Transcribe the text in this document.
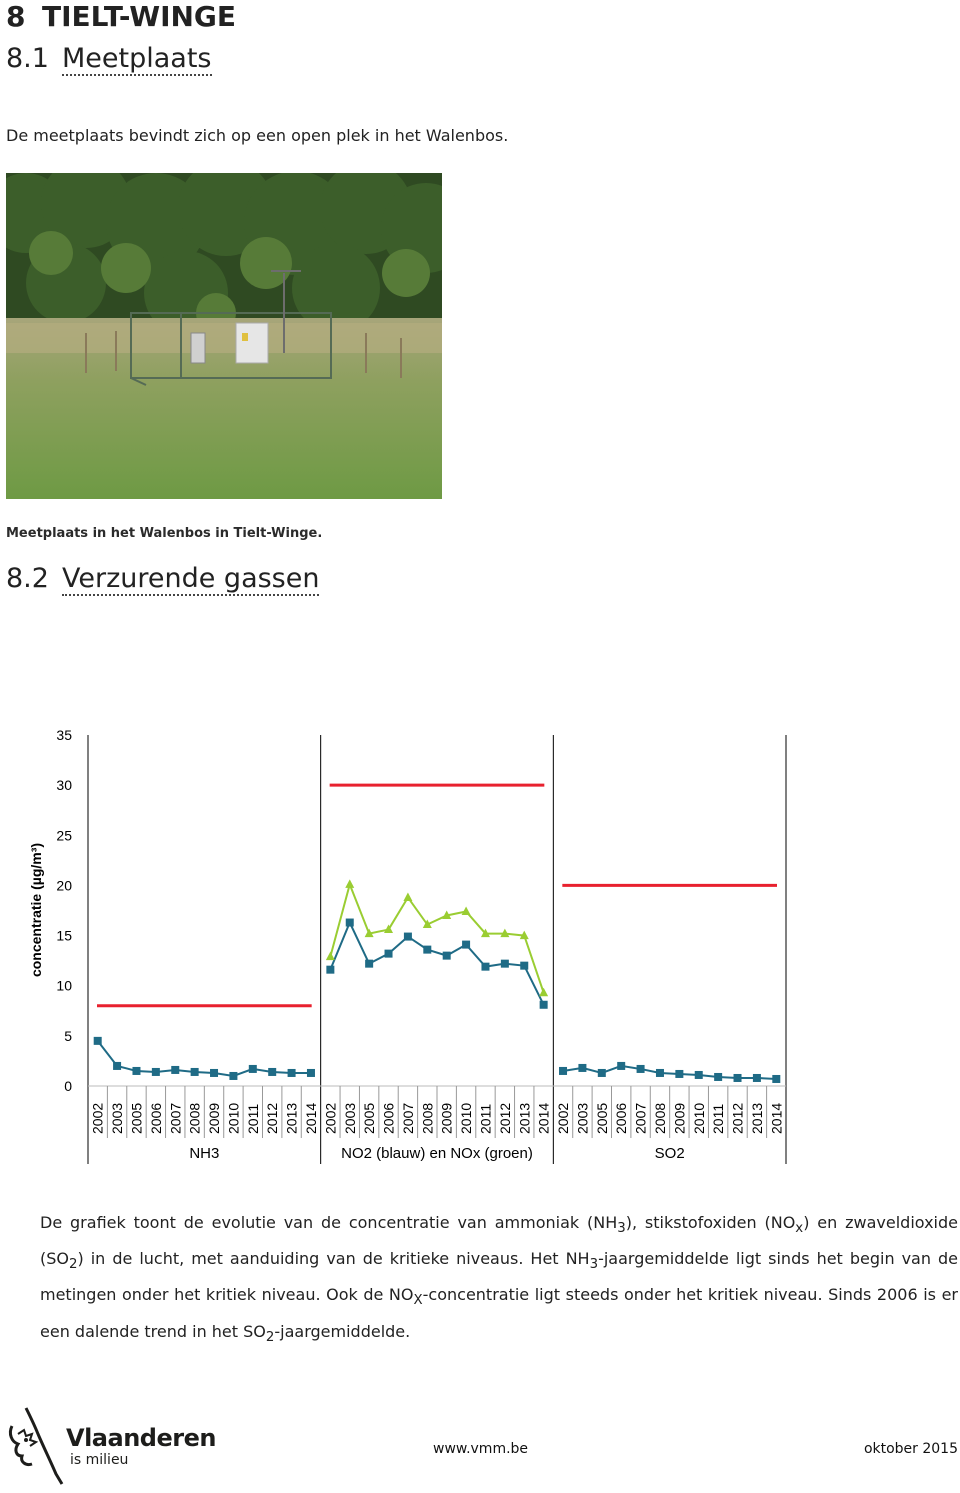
8 TIELT-WINGE
8.1 Meetplaats
De meetplaats bevindt zich op een open plek in het Walenbos.
Meetplaats in het Walenbos in Tielt-Winge.
8.2 Verzurende gassen
0
5
10
15
20
25
30
35
2002 2003 2005 2006 2007 2008 2009 2010 2011 2012 2013 2014 2002 2003 2005 2006 2007 2008 2009 2010 2011 2012 2013 2014 2002 2003 2005 2006 2007 2008 2009 2010 2011 2012 2013 2014
NH3	NO2 (blauw) en NOx (groen)	SO2
concentratie (µg/m³)

De grafiek toont de evolutie van de concentratie van ammoniak $(NH_3)$, stikstofoxiden $(NO_x)$ en zwaveldioxide $(SO_2)$ in de lucht, met aanduiding van de kritieke niveaus. Het $NH_3$-jaargemiddelde ligt sinds het begin van de metingen onder het kritiek niveau. Ook de $NO_X$-concentratie ligt steeds onder het kritiek niveau. Sinds 2006 is er een dalende trend in het $SO_2$-jaargemiddelde.

Vlaanderen
is milieu
www.vmm.be	oktober 2015
